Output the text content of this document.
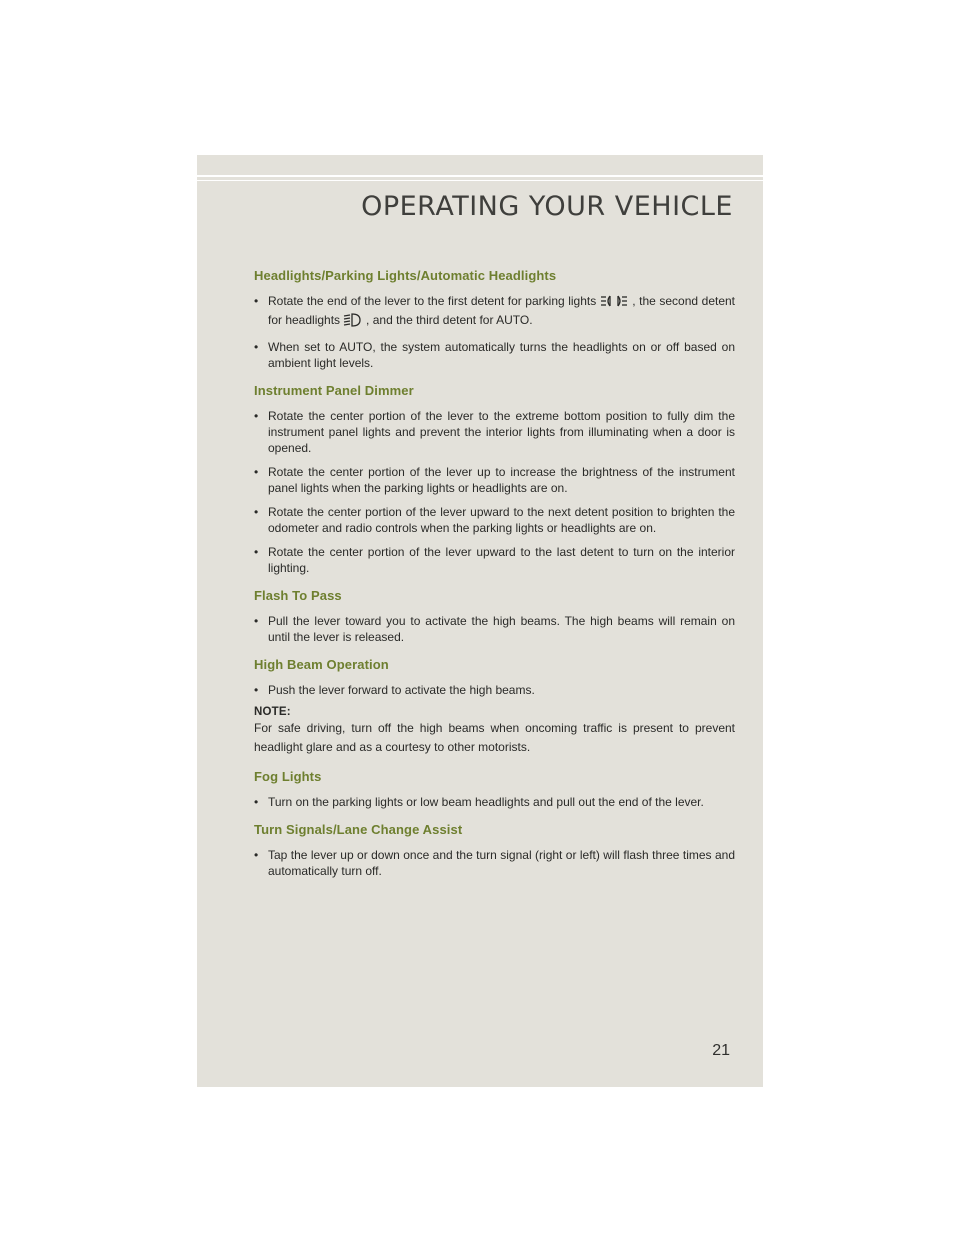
OPERATING YOUR VEHICLE
Headlights/Parking Lights/Automatic Headlights
• Rotate the end of the lever to the first detent for parking lights	, the second detent for headlights , and the third detent for AUTO.
• When set to AUTO, the system automatically turns the headlights on or off based on ambient light levels.
Instrument Panel Dimmer
• Rotate the center portion of the lever to the extreme bottom position to fully dim the instrument panel lights and prevent the interior lights from illuminating when a door is opened.
• Rotate the center portion of the lever up to increase the brightness of the instrument panel lights when the parking lights or headlights are on.
• Rotate the center portion of the lever upward to the next detent position to brighten the odometer and radio controls when the parking lights or headlights are on.
• Rotate the center portion of the lever upward to the last detent to turn on the interior lighting.
Flash To Pass
• Pull the lever toward you to activate the high beams. The high beams will remain on until the lever is released.
High Beam Operation
• Push the lever forward to activate the high beams.
NOTE:
For safe driving, turn off the high beams when oncoming traffic is present to prevent headlight glare and as a courtesy to other motorists.
Fog Lights
• Turn on the parking lights or low beam headlights and pull out the end of the lever.
Turn Signals/Lane Change Assist
• Tap the lever up or down once and the turn signal (right or left) will flash three times and automatically turn off.
21
